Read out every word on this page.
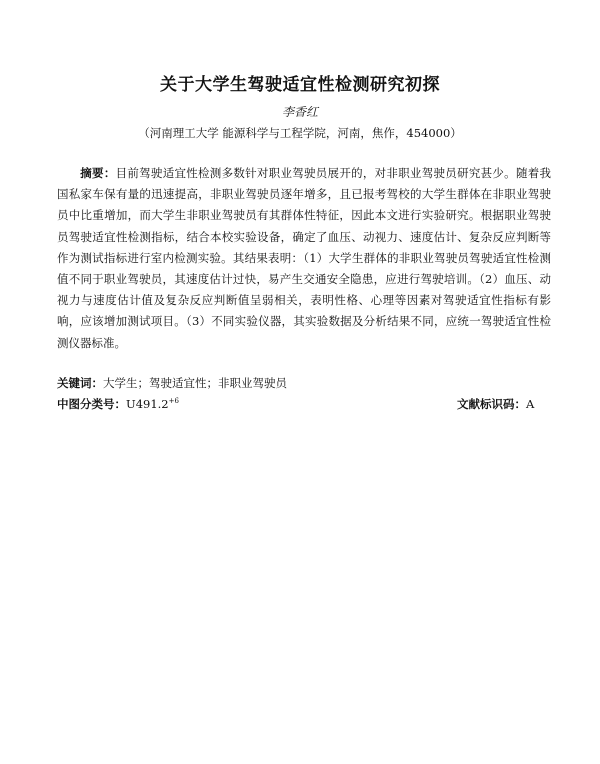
关于大学生驾驶适宜性检测研究初探
李香红
（河南理工大学 能源科学与工程学院，河南，焦作，454000）

摘要：目前驾驶适宜性检测多数针对职业驾驶员展开的，对非职业驾驶员研究甚少。随着我国私家车保有量的迅速提高，非职业驾驶员逐年增多，且已报考驾校的大学生群体在非职业驾驶员中比重增加，而大学生非职业驾驶员有其群体性特征，因此本文进行实验研究。根据职业驾驶员驾驶适宜性检测指标，结合本校实验设备，确定了血压、动视力、速度估计、复杂反应判断等作为测试指标进行室内检测实验。其结果表明：（1）大学生群体的非职业驾驶员驾驶适宜性检测值不同于职业驾驶员，其速度估计过快，易产生交通安全隐患，应进行驾驶培训。（2）血压、动视力与速度估计值及复杂反应判断值呈弱相关，表明性格、心理等因素对驾驶适宜性指标有影响，应该增加测试项目。（3）不同实验仪器，其实验数据及分析结果不同，应统一驾驶适宜性检测仪器标准。

关键词：大学生；驾驶适宜性；非职业驾驶员
中图分类号：$U491.2^{+6}$	文献标识码：A
